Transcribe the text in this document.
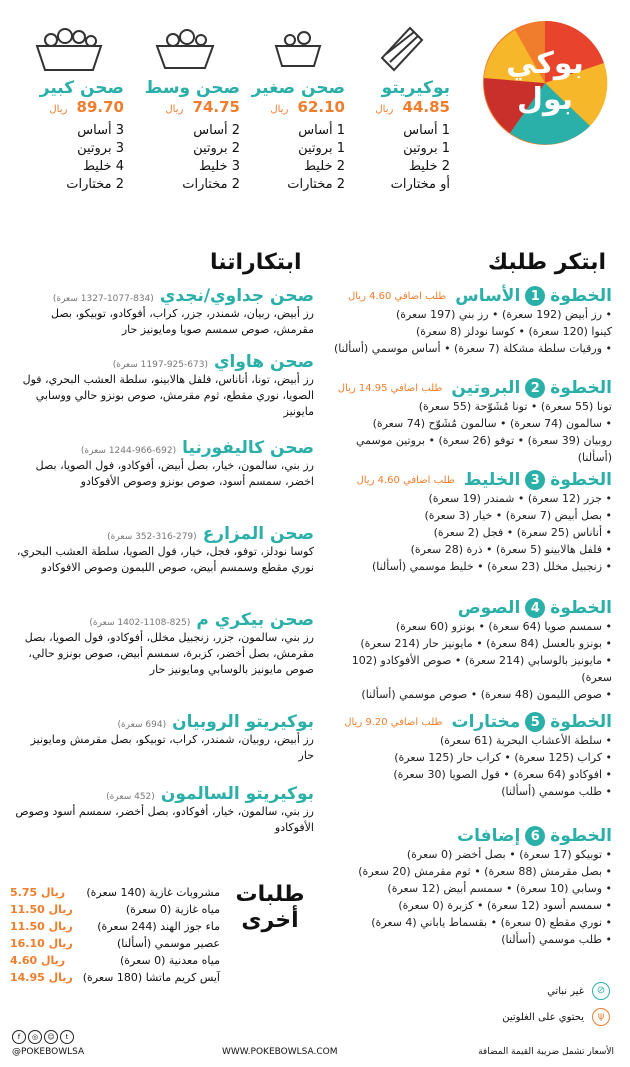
بوكي
بول
بوكيريتو
44.85 ريال
1 أساس
1 بروتين
2 خليط
أو مختارات
صحن صغير
62.10 ريال
1 أساس
1 بروتين
2 خليط
2 مختارات
صحن وسط
74.75 ريال
2 أساس
2 بروتين
3 خليط
2 مختارات
صحن كبير
89.70 ريال
3 أساس
3 بروتين
4 خليط
2 مختارات
ابتكر طلبك
ابتكاراتنا
الخطوة
1
الأساس
طلب اضافي 4.60 ريال
• رز أبيض (192 سعرة) • رز بني (197 سعرة)
كينوا (120 سعرة) • كوسا نودلز (8 سعرة)
• ورقيات سلطة مشكلة (7 سعرة) • أساس موسمي (أسألنا)
الخطوة
2
البروتين
طلب اضافي 14.95 ريال
تونا (55 سعرة) • تونا مُشَوّحة (55 سعرة)
• سالمون (74 سعرة) • سالمون مُشَوّح (74 سعرة)
روبيان (39 سعرة) • توفو (26 سعرة) • بروتين موسمي (أسألنا)
الخطوة
3
الخليط
طلب اضافي 4.60 ريال
• جزر (12 سعرة) • شمندر (19 سعرة)
• بصل أبيض (7 سعرة) • خيار (3 سعرة)
• أناناس (25 سعرة) • فجل (2 سعرة)
• فلفل هالابينو (5 سعرة) • ذرة (28 سعرة)
• زنجبيل مخلل (23 سعرة) • خليط موسمي (أسألنا)
الخطوة
4
الصوص
• سمسم صويا (64 سعرة) • بونزو (60 سعرة)
• بونزو بالعسل (84 سعرة) • مايونيز حار (214 سعرة)
• مايونيز بالوسابي (214 سعرة) • صوص الأفوكادو (102 سعرة)
• صوص الليمون (48 سعرة) • صوص موسمي (أسألنا)
الخطوة
5
مختارات
طلب اضافي 9.20 ريال
• سلطة الأعشاب البحرية (61 سعرة)
• كراب (125 سعرة) • كراب حار (125 سعرة)
• افوكادو (64 سعرة) • فول الصويا (30 سعرة)
• طلب موسمي (أسألنا)
الخطوة
6
إضافات
• توبيكو (17 سعرة) • بصل أخضر (0 سعرة)
• بصل مقرمش (88 سعرة) • ثوم مقرمش (20 سعرة)
• وسابي (10 سعرة) • سمسم أبيض (12 سعرة)
• سمسم أسود (12 سعرة) • كزبرة (0 سعرة)
• نوري مقطع (0 سعرة) • بقسماط ياباني (4 سعرة)
• طلب موسمي (أسألنا)
صحن جداوي/نجدي(834-1077-1327 سعرة)
رز أبيض، ربيان، شمندر، جزر، كراب، أفوكادو، توبيكو، بصل مقرمش، صوص سمسم صويا ومايونيز حار
صحن هاواي(673-925-1197 سعرة)
رز أبيض، تونا، أناناس، فلفل هالابينو، سلطة العشب البحري، فول الصويا، نوري مقطع، ثوم مقرمش، صوص بونزو حالي ووسابي مايونيز
صحن كاليفورنيا(692-966-1244 سعرة)
رز بني، سالمون، خيار، بصل أبيض، أفوكادو، فول الصويا، بصل اخضر، سمسم أسود، صوص بونزو وصوص الأفوكادو
صحن المزارع(279-316-352 سعرة)
كوسا نودلز، توفو، فجل، خيار، فول الصويا، سلطة العشب البحري، نوري مقطع وسمسم أبيض، صوص الليمون وصوص الافوكادو
صحن بيكري م(825-1108-1402 سعرة)
رز بني، سالمون، جزر، زنجبيل مخلل، أفوكادو، فول الصويا، بصل مقرمش، بصل أخضر، كزبرة، سمسم أبيض، صوص بونزو حالي، صوص مايونيز بالوسابي ومايونيز حار
بوكيريتو الروبيان(694 سعرة)
رز أبيض، روبيان، شمندر، كراب، توبيكو، بصل مقرمش ومايونيز حار
بوكيريتو السالمون(452 سعرة)
رز بني، سالمون، خيار، أفوكادو، بصل أخضر، سمسم أسود وصوص الأفوكادو
طلبات
أخرى
مشروبات غازية (140 سعرة)
5.75 ريال
مياه غازية (0 سعرة)
11.50 ريال
ماء جوز الهند (244 سعرة)
11.50 ريال
عصير موسمي (أسألنا)
16.10 ريال
مياه معدنية (0 سعرة)
4.60 ريال
آيس كريم ماتشا (180 سعرة)
14.95 ريال
⊘
غير نباتي
ψ
يحتوي على الغلوتين
f ◎ ☺ t
@POKEBOWLSA	WWW.POKEBOWLSA.COM	الأسعار تشمل ضريبة القيمة المضافة
